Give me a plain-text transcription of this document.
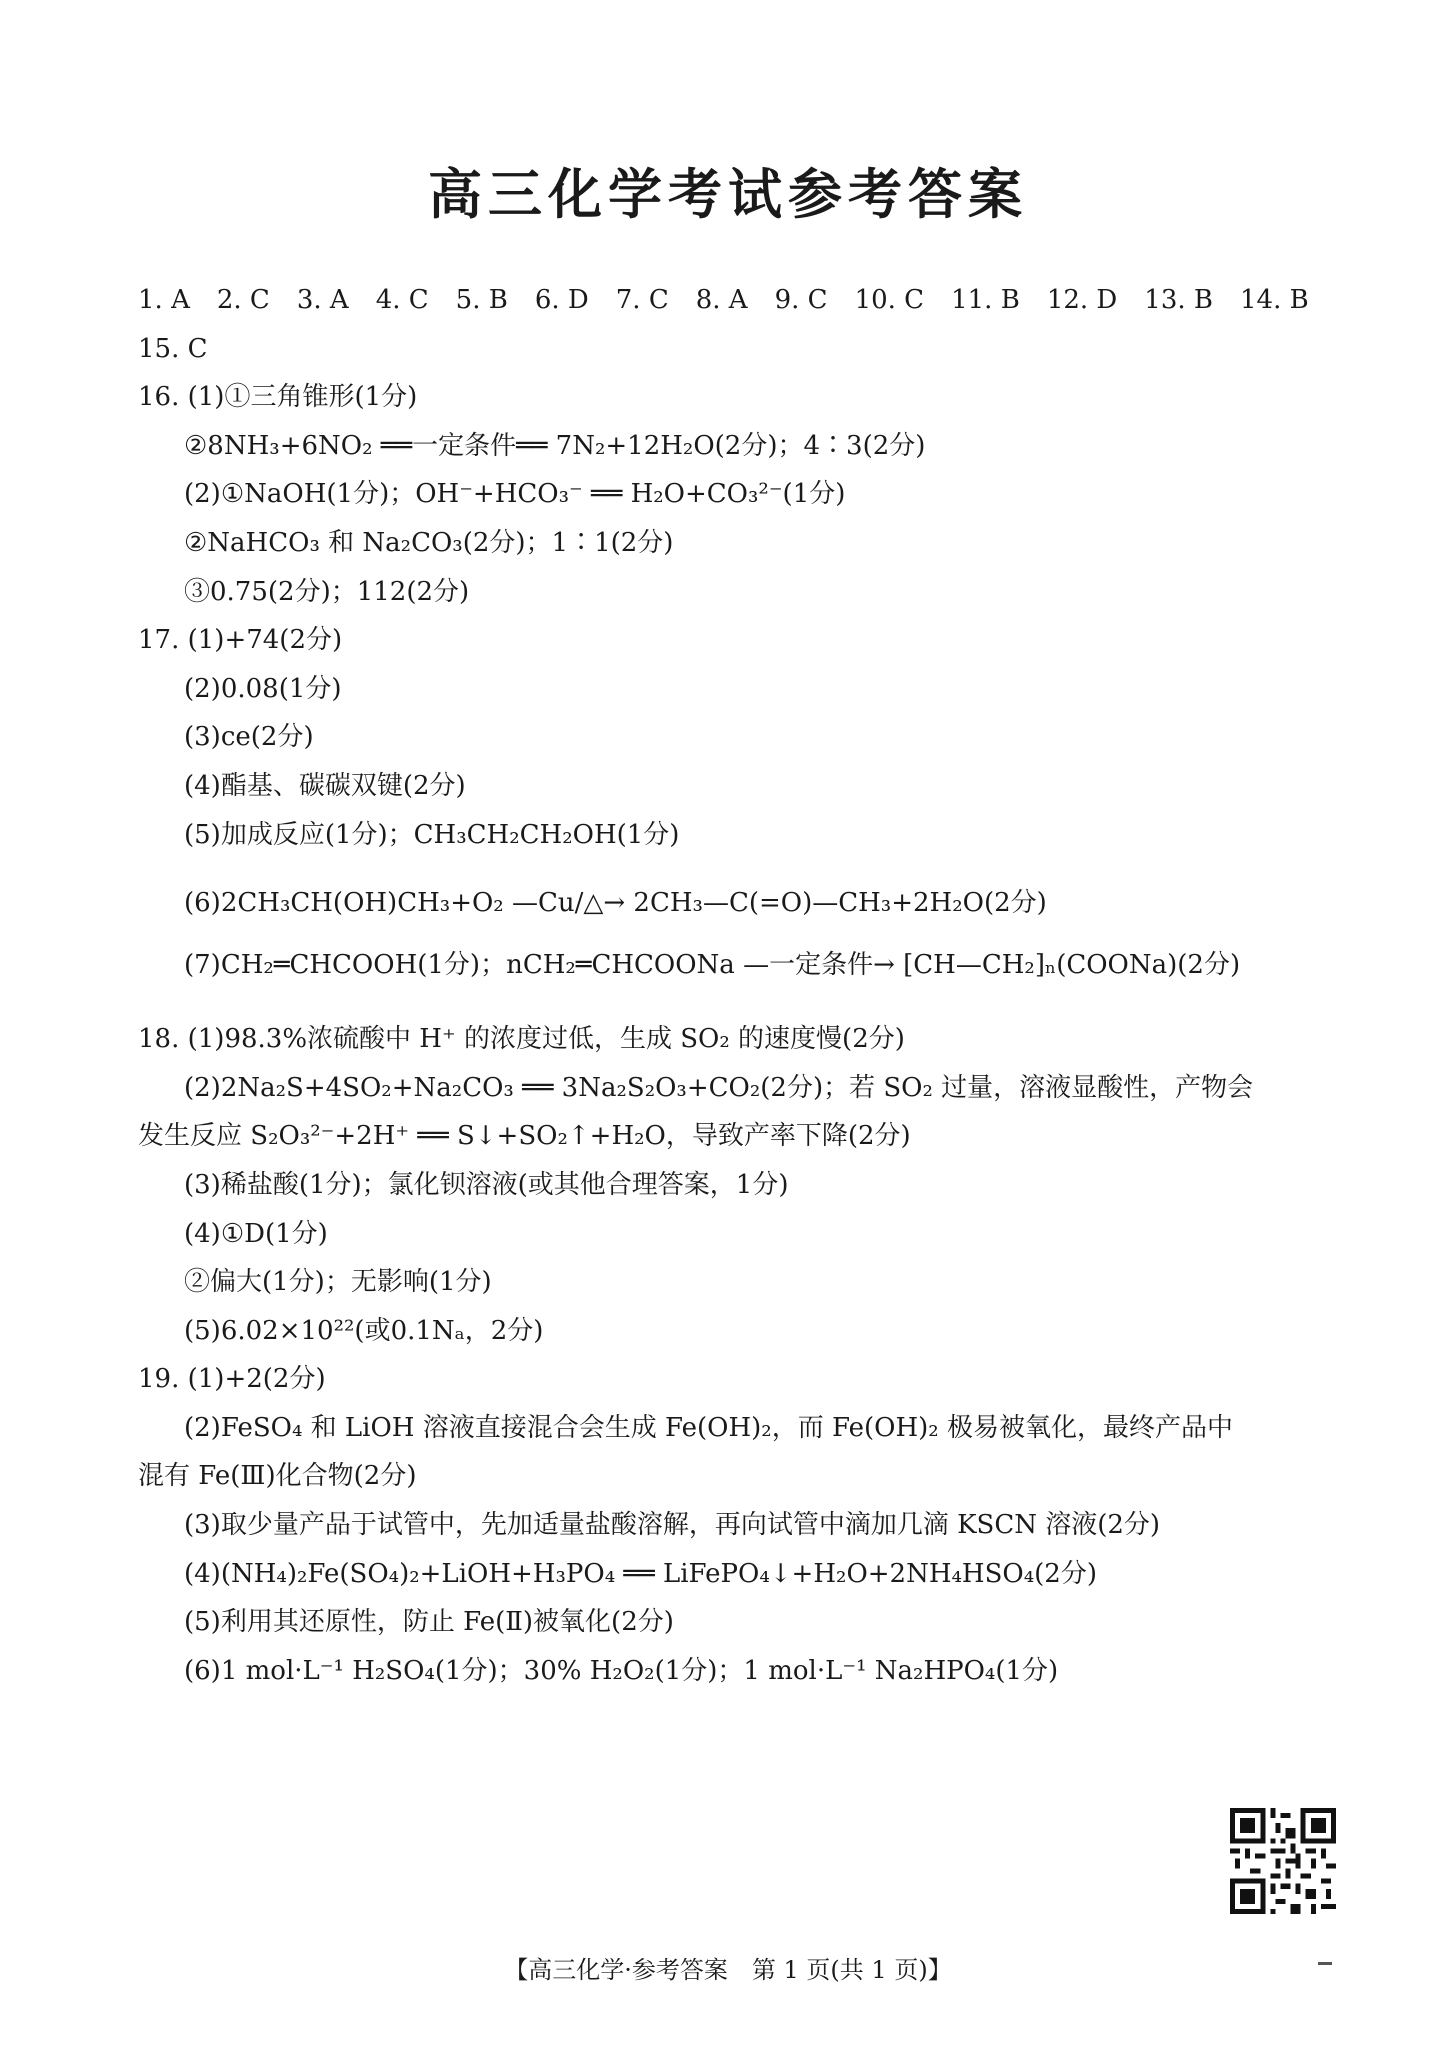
高三化学考试参考答案
1. A 2. C 3. A 4. C 5. B 6. D 7. C 8. A 9. C 10. C 11. B 12. D 13. B 14. B
15. C
16. (1)①三角锥形(1分)
②8NH₃+6NO₂ ══一定条件══ 7N₂+12H₂O(2分)；4∶3(2分)
(2)①NaOH(1分)；OH⁻+HCO₃⁻ ══ H₂O+CO₃²⁻(1分)
②NaHCO₃ 和 Na₂CO₃(2分)；1∶1(2分)
③0.75(2分)；112(2分)
17. (1)+74(2分)
(2)0.08(1分)
(3)ce(2分)
(4)酯基、碳碳双键(2分)
(5)加成反应(1分)；CH₃CH₂CH₂OH(1分)
(6)2CH₃CH(OH)CH₃+O₂ —Cu/△→ 2CH₃—C(=O)—CH₃+2H₂O(2分)
(7)CH₂═CHCOOH(1分)；nCH₂═CHCOONa —一定条件→ [CH—CH₂]ₙ(COONa)(2分)
18. (1)98.3%浓硫酸中 H⁺ 的浓度过低，生成 SO₂ 的速度慢(2分)
(2)2Na₂S+4SO₂+Na₂CO₃ ══ 3Na₂S₂O₃+CO₂(2分)；若 SO₂ 过量，溶液显酸性，产物会
发生反应 S₂O₃²⁻+2H⁺ ══ S↓+SO₂↑+H₂O，导致产率下降(2分)
(3)稀盐酸(1分)；氯化钡溶液(或其他合理答案，1分)
(4)①D(1分)
②偏大(1分)；无影响(1分)
(5)6.02×10²²(或0.1Nₐ，2分)
19. (1)+2(2分)
(2)FeSO₄ 和 LiOH 溶液直接混合会生成 Fe(OH)₂，而 Fe(OH)₂ 极易被氧化，最终产品中
混有 Fe(Ⅲ)化合物(2分)
(3)取少量产品于试管中，先加适量盐酸溶解，再向试管中滴加几滴 KSCN 溶液(2分)
(4)(NH₄)₂Fe(SO₄)₂+LiOH+H₃PO₄ ══ LiFePO₄↓+H₂O+2NH₄HSO₄(2分)
(5)利用其还原性，防止 Fe(Ⅱ)被氧化(2分)
(6)1 mol·L⁻¹ H₂SO₄(1分)；30% H₂O₂(1分)；1 mol·L⁻¹ Na₂HPO₄(1分)
【高三化学·参考答案　第 1 页(共 1 页)】
